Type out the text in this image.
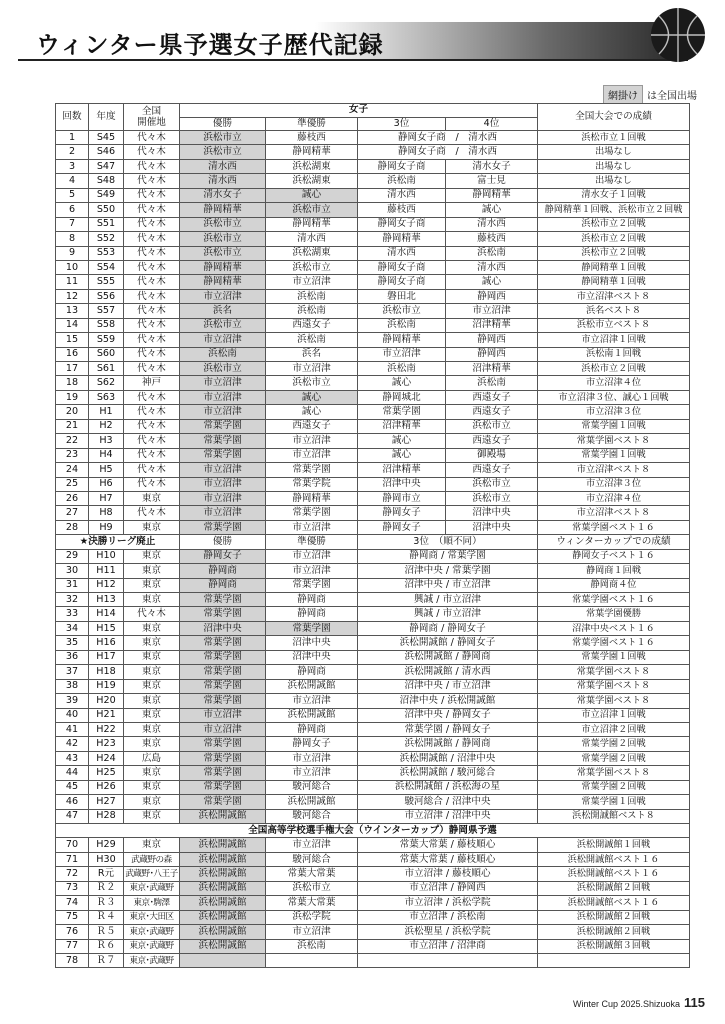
ウィンター県予選女子歴代記録
網掛け は全国出場
回数	年度	全国
開催地	女子				全国大会での成績
			優勝	準優勝	3位	4位	
1	S45	代々木	浜松市立	藤枝西	静岡女子商　/　清水西		浜松市立１回戦
2	S46	代々木	浜松市立	静岡精華	静岡女子商　/　清水西		出場なし
3	S47	代々木	清水西	浜松湖東	静岡女子商	清水女子	出場なし
4	S48	代々木	清水西	浜松湖東	浜松南	富士見	出場なし
5	S49	代々木	清水女子	誠心	清水西	静岡精華	清水女子１回戦
6	S50	代々木	静岡精華	浜松市立	藤枝西	誠心	静岡精華１回戦、浜松市立２回戦
7	S51	代々木	浜松市立	静岡精華	静岡女子商	清水西	浜松市立２回戦
8	S52	代々木	浜松市立	清水西	静岡精華	藤枝西	浜松市立２回戦
9	S53	代々木	浜松市立	浜松湖東	清水西	浜松南	浜松市立２回戦
10	S54	代々木	静岡精華	浜松市立	静岡女子商	清水西	静岡精華１回戦
11	S55	代々木	静岡精華	市立沼津	静岡女子商	誠心	静岡精華１回戦
12	S56	代々木	市立沼津	浜松南	磐田北	静岡西	市立沼津ベスト８
13	S57	代々木	浜名	浜松南	浜松市立	市立沼津	浜名ベスト８
14	S58	代々木	浜松市立	西遠女子	浜松南	沼津精華	浜松市立ベスト８
15	S59	代々木	市立沼津	浜松南	静岡精華	静岡西	市立沼津１回戦
16	S60	代々木	浜松南	浜名	市立沼津	静岡西	浜松南１回戦
17	S61	代々木	浜松市立	市立沼津	浜松南	沼津精華	浜松市立２回戦
18	S62	神戸	市立沼津	浜松市立	誠心	浜松南	市立沼津４位
19	S63	代々木	市立沼津	誠心	静岡城北	西遠女子	市立沼津３位、誠心１回戦
20	H1	代々木	市立沼津	誠心	常葉学園	西遠女子	市立沼津３位
21	H2	代々木	常葉学園	西遠女子	沼津精華	浜松市立	常葉学園１回戦
22	H3	代々木	常葉学園	市立沼津	誠心	西遠女子	常葉学園ベスト８
23	H4	代々木	常葉学園	市立沼津	誠心	御殿場	常葉学園１回戦
24	H5	代々木	市立沼津	常葉学園	沼津精華	西遠女子	市立沼津ベスト８
25	H6	代々木	市立沼津	常葉学院	沼津中央	浜松市立	市立沼津３位
26	H7	東京	市立沼津	静岡精華	静岡市立	浜松市立	市立沼津４位
27	H8	代々木	市立沼津	常葉学園	静岡女子	沼津中央	市立沼津ベスト８
28	H9	東京	常葉学園	市立沼津	静岡女子	沼津中央	常葉学園ベスト１６
★決勝リーグ廃止			優勝	準優勝	3位　（順不同）		ウィンターカップでの成績
29	H10	東京	静岡女子	市立沼津	静岡商 / 常葉学園		静岡女子ベスト１６
30	H11	東京	静岡商	市立沼津	沼津中央 / 常葉学園		静岡商１回戦
31	H12	東京	静岡商	常葉学園	沼津中央 / 市立沼津		静岡商４位
32	H13	東京	常葉学園	静岡商	興誠 / 市立沼津		常葉学園ベスト１６
33	H14	代々木	常葉学園	静岡商	興誠 / 市立沼津		常葉学園優勝
34	H15	東京	沼津中央	常葉学園	静岡商 / 静岡女子		沼津中央ベスト１６
35	H16	東京	常葉学園	沼津中央	浜松開誠館 / 静岡女子		常葉学園ベスト１６
36	H17	東京	常葉学園	沼津中央	浜松開誠館 / 静岡商		常葉学園１回戦
37	H18	東京	常葉学園	静岡商	浜松開誠館 / 清水西		常葉学園ベスト８
38	H19	東京	常葉学園	浜松開誠館	沼津中央 / 市立沼津		常葉学園ベスト８
39	H20	東京	常葉学園	市立沼津	沼津中央 / 浜松開誠館		常葉学園ベスト８
40	H21	東京	市立沼津	浜松開誠館	沼津中央 / 静岡女子		市立沼津１回戦
41	H22	東京	市立沼津	静岡商	常葉学園 / 静岡女子		市立沼津２回戦
42	H23	東京	常葉学園	静岡女子	浜松開誠館 / 静岡商		常葉学園２回戦
43	H24	広島	常葉学園	市立沼津	浜松開誠館 / 沼津中央		常葉学園２回戦
44	H25	東京	常葉学園	市立沼津	浜松開誠館 / 駿河総合		常葉学園ベスト８
45	H26	東京	常葉学園	駿河総合	浜松開誠館 / 浜松海の星		常葉学園２回戦
46	H27	東京	常葉学園	浜松開誠館	駿河総合 / 沼津中央		常葉学園１回戦
47	H28	東京	浜松開誠館	駿河総合	市立沼津 / 沼津中央		浜松開誠館ベスト８
全国高等学校選手権大会（ウインターカップ）静岡県予選							
70	H29	東京	浜松開誠館	市立沼津	常葉大常葉 / 藤枝順心		浜松開誠館１回戦
71	H30	武蔵野の森	浜松開誠館	駿河総合	常葉大常葉 / 藤枝順心		浜松開誠館ベスト１６
72	R元	武蔵野･八王子	浜松開誠館	常葉大常葉	市立沼津 / 藤枝順心		浜松開誠館ベスト１６
73	Ｒ２	東京･武蔵野	浜松開誠館	浜松市立	市立沼津 / 静岡西		浜松開誠館２回戦
74	Ｒ３	東京･駒澤	浜松開誠館	常葉大常葉	市立沼津 / 浜松学院		浜松開誠館ベスト１６
75	Ｒ４	東京･大田区	浜松開誠館	浜松学院	市立沼津 / 浜松南		浜松開誠館２回戦
76	Ｒ５	東京･武蔵野	浜松開誠館	市立沼津	浜松聖星 / 浜松学院		浜松開誠館２回戦
77	Ｒ６	東京･武蔵野	浜松開誠館	浜松南	市立沼津 / 沼津商		浜松開誠館３回戦
78	Ｒ７	東京･武蔵野					
Winter Cup 2025.Shizuoka 115
